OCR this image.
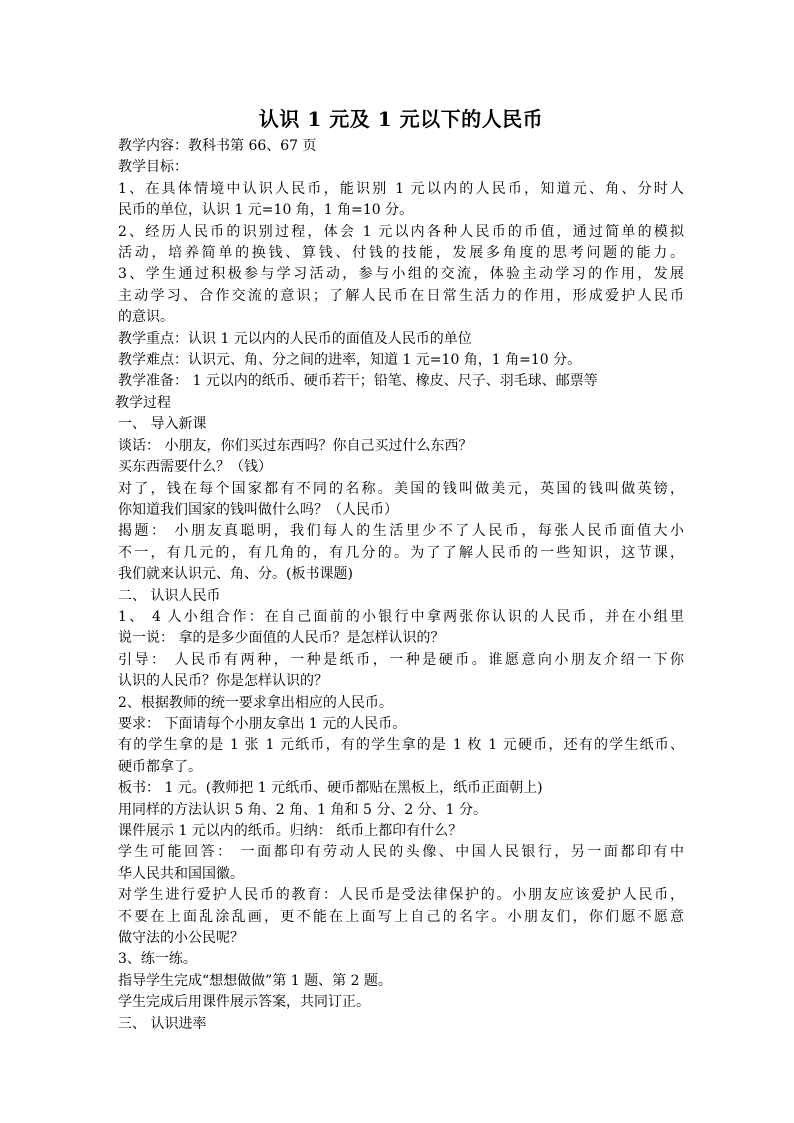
认识 1 元及 1 元以下的人民币
教学内容：教科书第 66、67 页
教学目标：
1、在具体情境中认识人民币，能识别 1 元以内的人民币，知道元、角、分时人
民币的单位，认识 1 元=10 角，1 角=10 分。
2、经历人民币的识别过程，体会 1 元以内各种人民币的币值，通过简单的模拟
活动，培养简单的换钱、算钱、付钱的技能，发展多角度的思考问题的能力。
3、学生通过积极参与学习活动，参与小组的交流，体验主动学习的作用，发展
主动学习、合作交流的意识；了解人民币在日常生活力的作用，形成爱护人民币
的意识。
教学重点：认识 1 元以内的人民币的面值及人民币的单位
教学难点：认识元、角、分之间的进率，知道 1 元=10 角，1 角=10 分。
教学准备： 1 元以内的纸币、硬币若干；铅笔、橡皮、尺子、羽毛球、邮票等
教学过程
一、 导入新课
谈话： 小朋友，你们买过东西吗？你自己买过什么东西？
买东西需要什么？（钱）
对了，钱在每个国家都有不同的名称。美国的钱叫做美元，英国的钱叫做英镑，
你知道我们国家的钱叫做什么吗？（人民币）
揭题： 小朋友真聪明，我们每人的生活里少不了人民币，每张人民币面值大小
不一，有几元的，有几角的，有几分的。为了了解人民币的一些知识，这节课，
我们就来认识元、角、分。(板书课题)
二、 认识人民币
1、 4 人小组合作：在自己面前的小银行中拿两张你认识的人民币，并在小组里
说一说： 拿的是多少面值的人民币？是怎样认识的？
引导： 人民币有两种，一种是纸币，一种是硬币。谁愿意向小朋友介绍一下你
认识的人民币？你是怎样认识的？
2、根据教师的统一要求拿出相应的人民币。
要求： 下面请每个小朋友拿出 1 元的人民币。
有的学生拿的是 1 张 1 元纸币，有的学生拿的是 1 枚 1 元硬币，还有的学生纸币、
硬币都拿了。
板书： 1 元。(教师把 1 元纸币、硬币都贴在黑板上，纸币正面朝上)
用同样的方法认识 5 角、2 角、1 角和 5 分、2 分、1 分。
课件展示 1 元以内的纸币。归纳： 纸币上都印有什么？
学生可能回答： 一面都印有劳动人民的头像、中国人民银行，另一面都印有中
华人民共和国国徽。
对学生进行爱护人民币的教育：人民币是受法律保护的。小朋友应该爱护人民币，
不要在上面乱涂乱画，更不能在上面写上自己的名字。小朋友们，你们愿不愿意
做守法的小公民呢？
3、练一练。
指导学生完成“想想做做”第 1 题、第 2 题。
学生完成后用课件展示答案，共同订正。
三、 认识进率
